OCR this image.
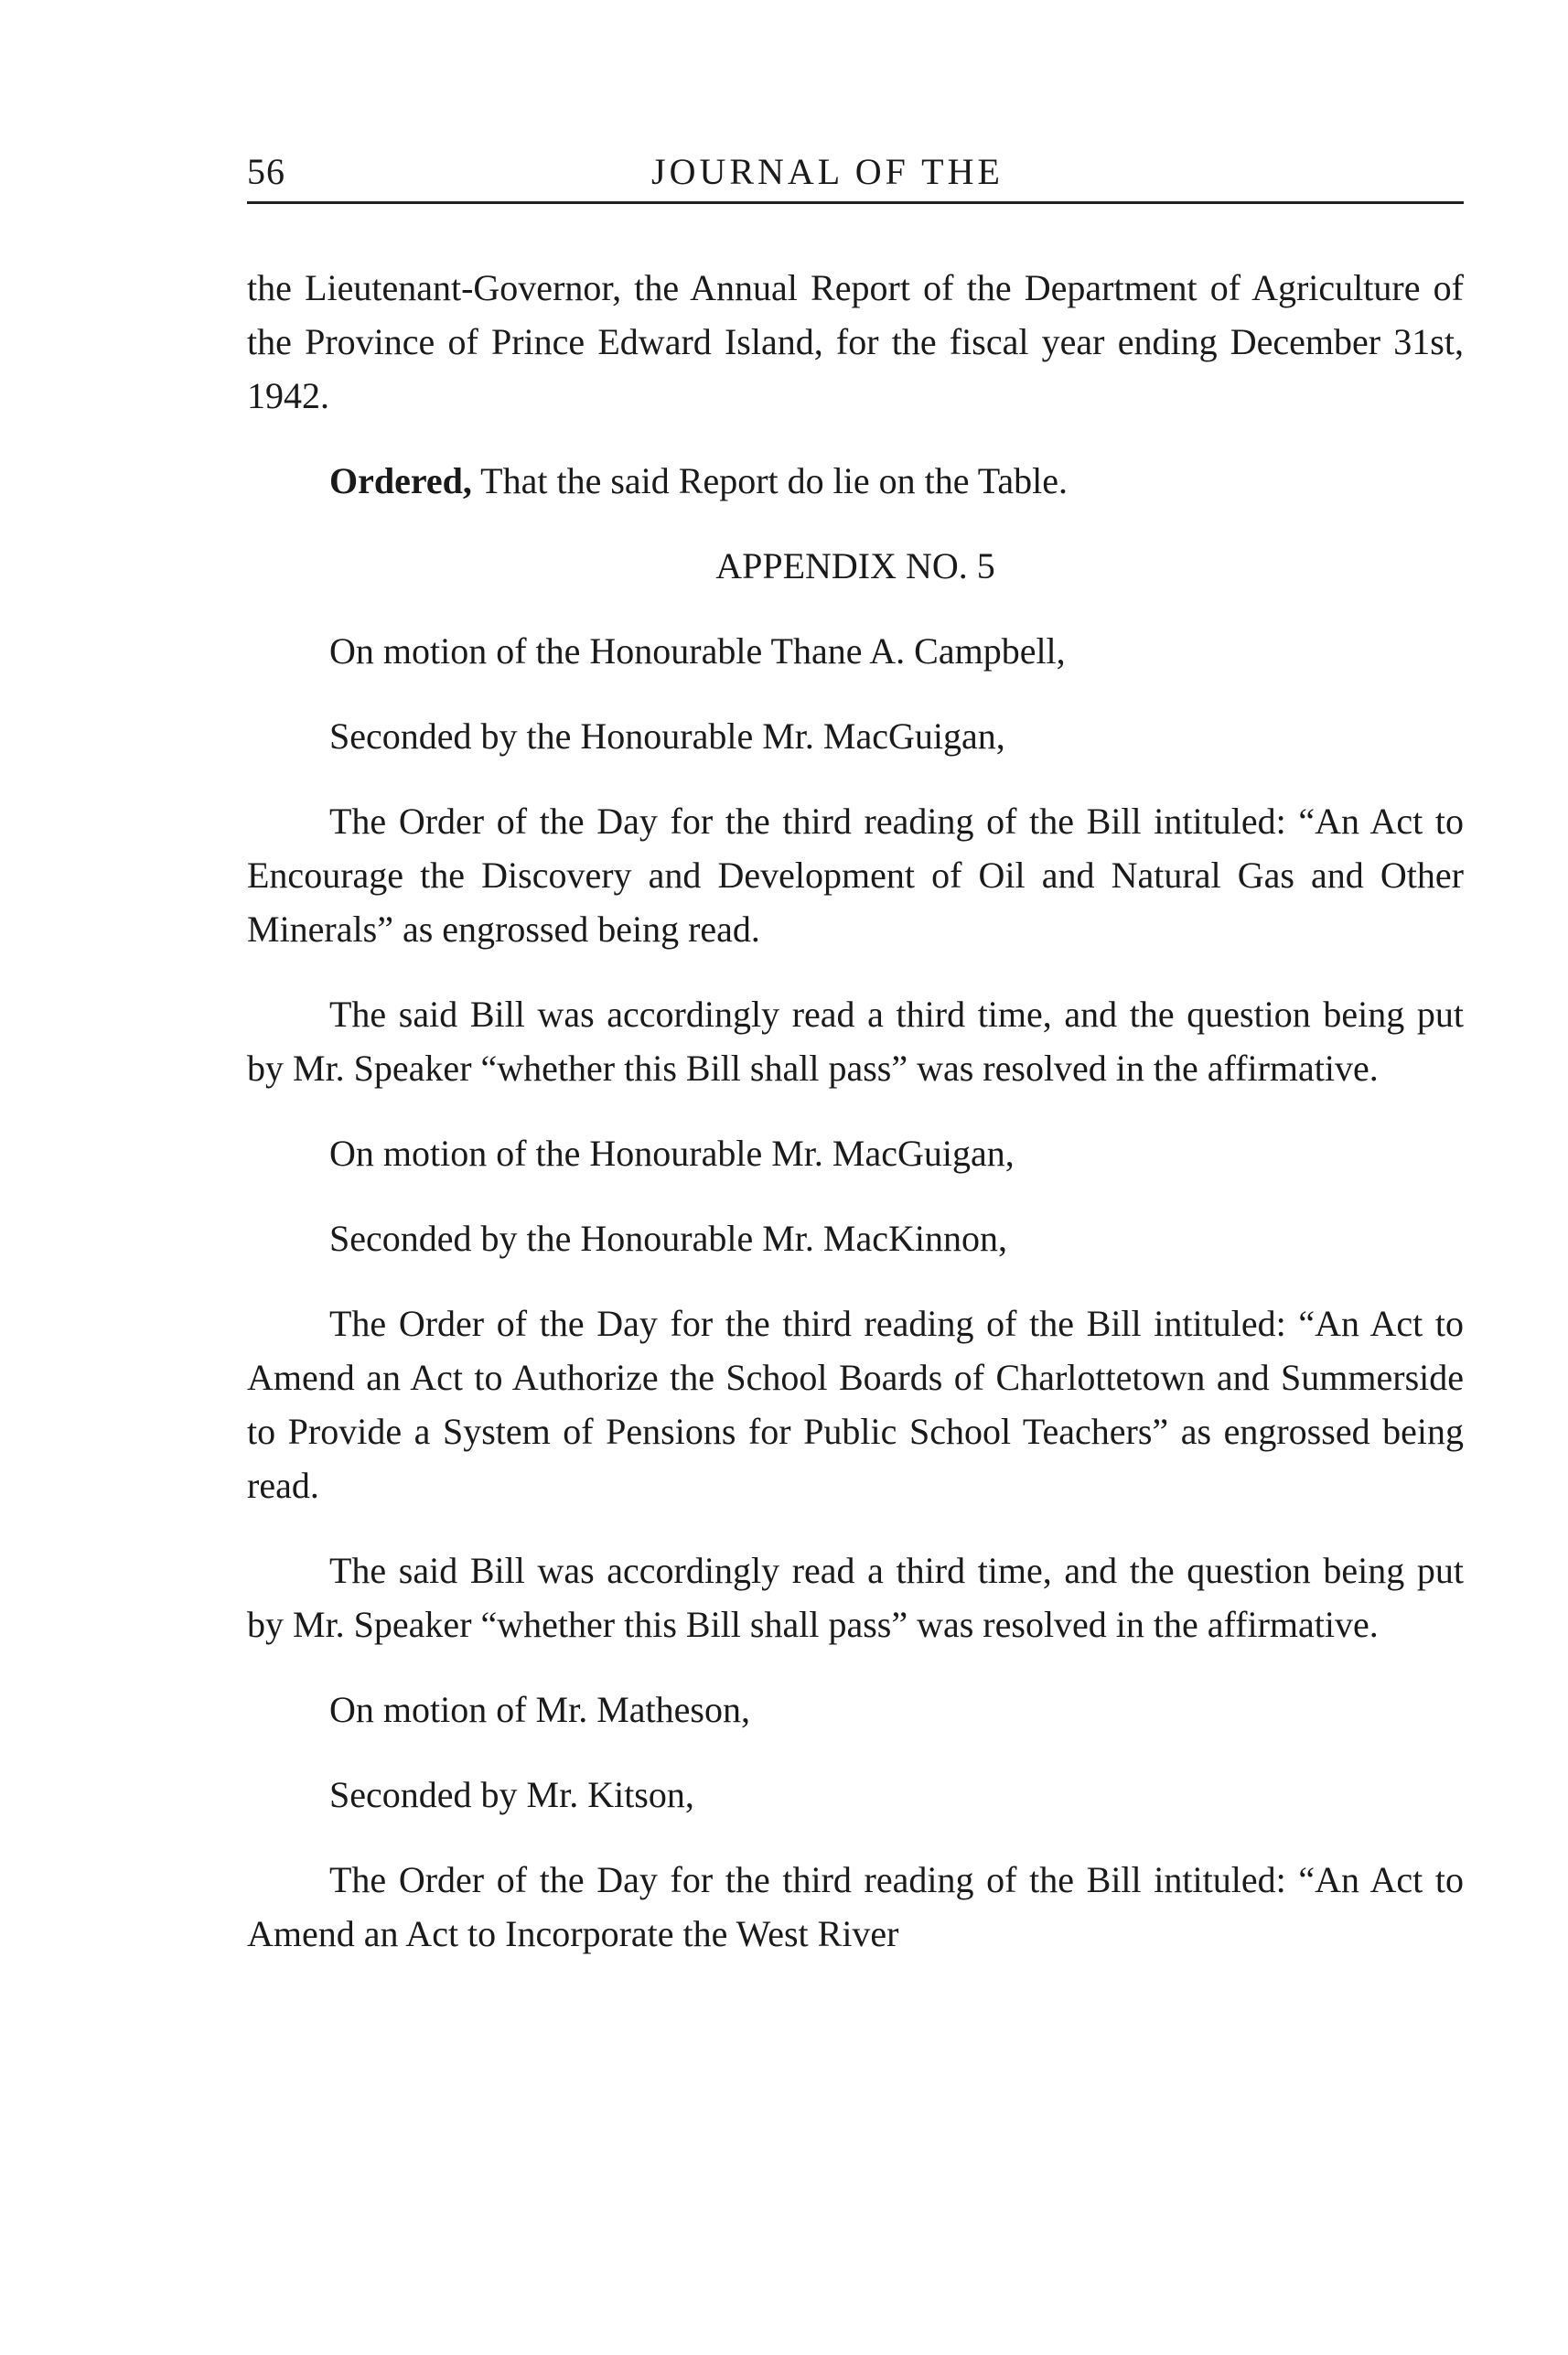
56	JOURNAL OF THE

the Lieutenant-Governor, the Annual Report of the Department of Agriculture of the Province of Prince Edward Island, for the fiscal year ending December 31st, 1942.

Ordered, That the said Report do lie on the Table.

APPENDIX NO. 5

On motion of the Honourable Thane A. Campbell,

Seconded by the Honourable Mr. MacGuigan,

The Order of the Day for the third reading of the Bill intituled: “An Act to Encourage the Discovery and Development of Oil and Natural Gas and Other Minerals” as engrossed being read.

The said Bill was accordingly read a third time, and the question being put by Mr. Speaker “whether this Bill shall pass” was resolved in the affirmative.

On motion of the Honourable Mr. MacGuigan,

Seconded by the Honourable Mr. MacKinnon,

The Order of the Day for the third reading of the Bill intituled: “An Act to Amend an Act to Authorize the School Boards of Charlottetown and Summerside to Provide a System of Pensions for Public School Teachers” as engrossed being read.

The said Bill was accordingly read a third time, and the question being put by Mr. Speaker “whether this Bill shall pass” was resolved in the affirmative.

On motion of Mr. Matheson,

Seconded by Mr. Kitson,

The Order of the Day for the third reading of the Bill intituled: “An Act to Amend an Act to Incorporate the West River
